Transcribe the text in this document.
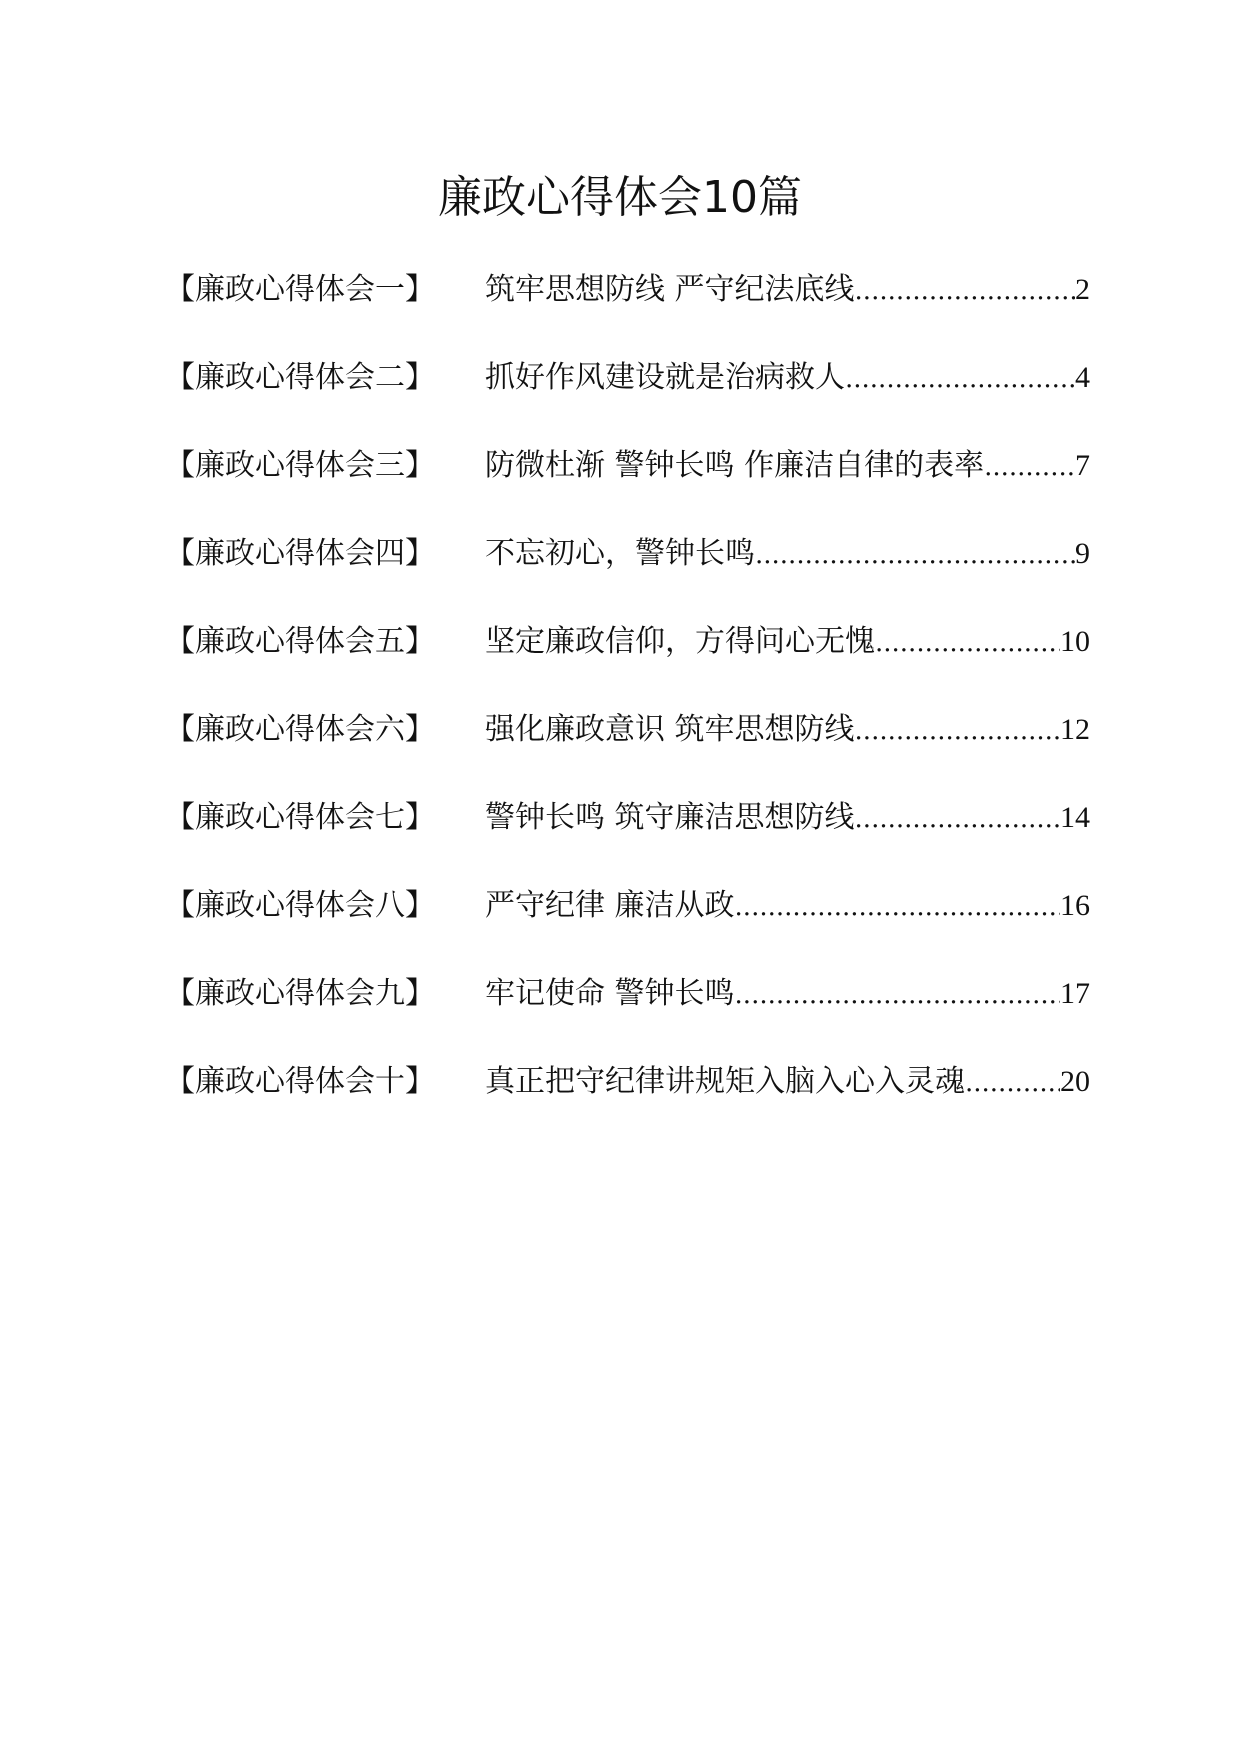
廉政心得体会10篇
【廉政心得体会一】	筑牢思想防线 严守纪法底线 .....	2
【廉政心得体会二】	抓好作风建设就是治病救人 .....	4
【廉政心得体会三】	防微杜渐 警钟长鸣 作廉洁自律的表率 .....	7
【廉政心得体会四】	不忘初心，警钟长鸣 .....	9
【廉政心得体会五】	坚定廉政信仰，方得问心无愧 .....	10
【廉政心得体会六】	强化廉政意识 筑牢思想防线 .....	12
【廉政心得体会七】	警钟长鸣 筑守廉洁思想防线 .....	14
【廉政心得体会八】	严守纪律 廉洁从政 .....	16
【廉政心得体会九】	牢记使命 警钟长鸣 .....	17
【廉政心得体会十】	真正把守纪律讲规矩入脑入心入灵魂 .....	20
